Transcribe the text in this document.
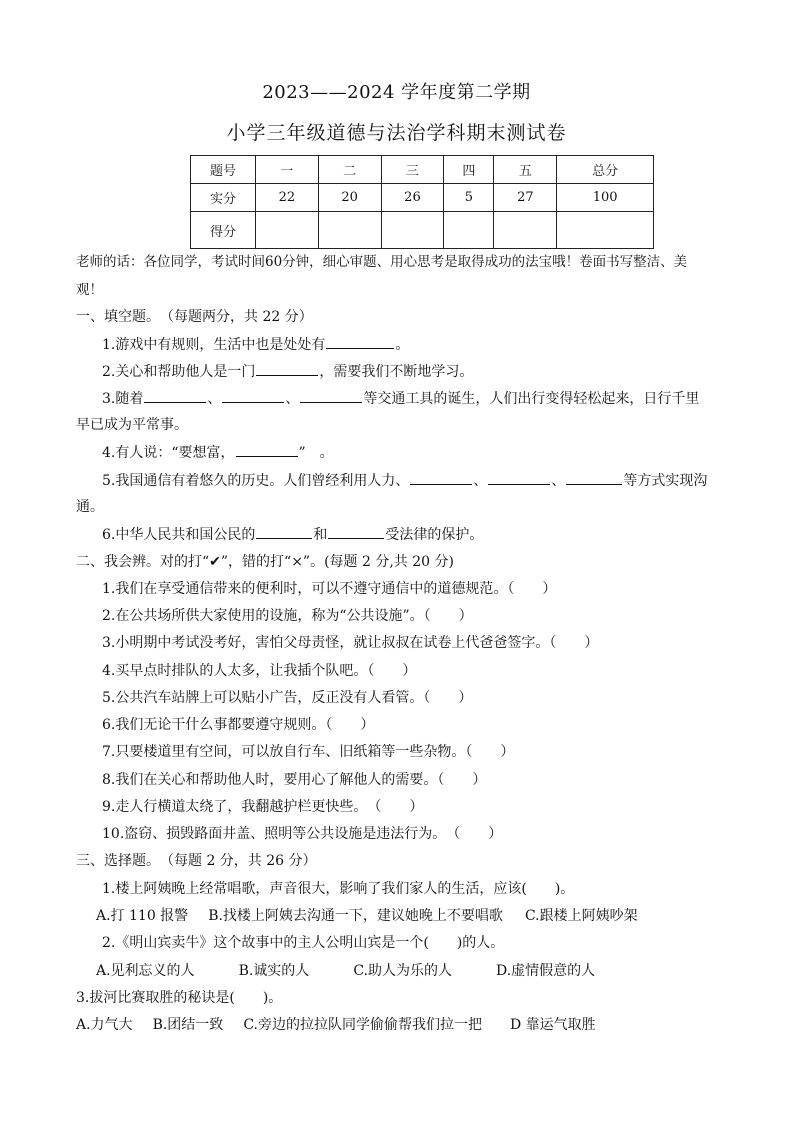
2023——2024 学年度第二学期
小学三年级道德与法治学科期末测试卷
题号	一	二	三	四	五	总分
实分	22	20	26	5	27	100
得分						
老师的话：各位同学，考试时间60分钟，细心审题、用心思考是取得成功的法宝哦！卷面书写整洁、美
观！
一、填空题。　（每题两分，共 22 分）
1.游戏中有规则，生活中也是处处有	。
2.关心和帮助他人是一门	，需要我们不断地学习。
3.随着	、	、	等交通工具的诞生，人们出行变得轻松起来，日行千里
早已成为平常事。
4.有人说：“要想富，	”　。
5.我国通信有着悠久的历史。人们曾经利用人力、	、	、	等方式实现沟
通。
6.中华人民共和国公民的	和	受法律的保护。
二、我会辨。对的打“✔”，错的打“×”。(每题 2 分,共 20 分)
1.我们在享受通信带来的便利时，可以不遵守通信中的道德规范。（　　）
2.在公共场所供大家使用的设施，称为“公共设施”。（　　）
3.小明期中考试没考好，害怕父母责怪，就让叔叔在试卷上代爸爸签字。（　　）
4.买早点时排队的人太多，让我插个队吧。（　　）
5.公共汽车站牌上可以贴小广告，反正没有人看管。（　　）
6.我们无论干什么事都要遵守规则。（　　）
7.只要楼道里有空间，可以放自行车、旧纸箱等一些杂物。（　　）
8.我们在关心和帮助他人时，要用心了解他人的需要。（　　）
9.走人行横道太绕了，我翻越护栏更快些。　（　　）
10.盗窃、损毁路面井盖、照明等公共设施是违法行为。　（　　）
三、选择题。　（每题 2 分，共 26 分）
1.楼上阿姨晚上经常唱歌，声音很大，影响了我们家人的生活，应该(　　)。
A.打 110 报警 B.找楼上阿姨去沟通一下，建议她晚上不要唱歌 C.跟楼上阿姨吵架
2.《明山宾卖牛》这个故事中的主人公明山宾是一个(　　)的人。
A.见利忘义的人	B.诚实的人	C.助人为乐的人	D.虚情假意的人
3.拔河比赛取胜的秘诀是(　　)。
A.力气大 B.团结一致 C.旁边的拉拉队同学偷偷帮我们拉一把 D 靠运气取胜
